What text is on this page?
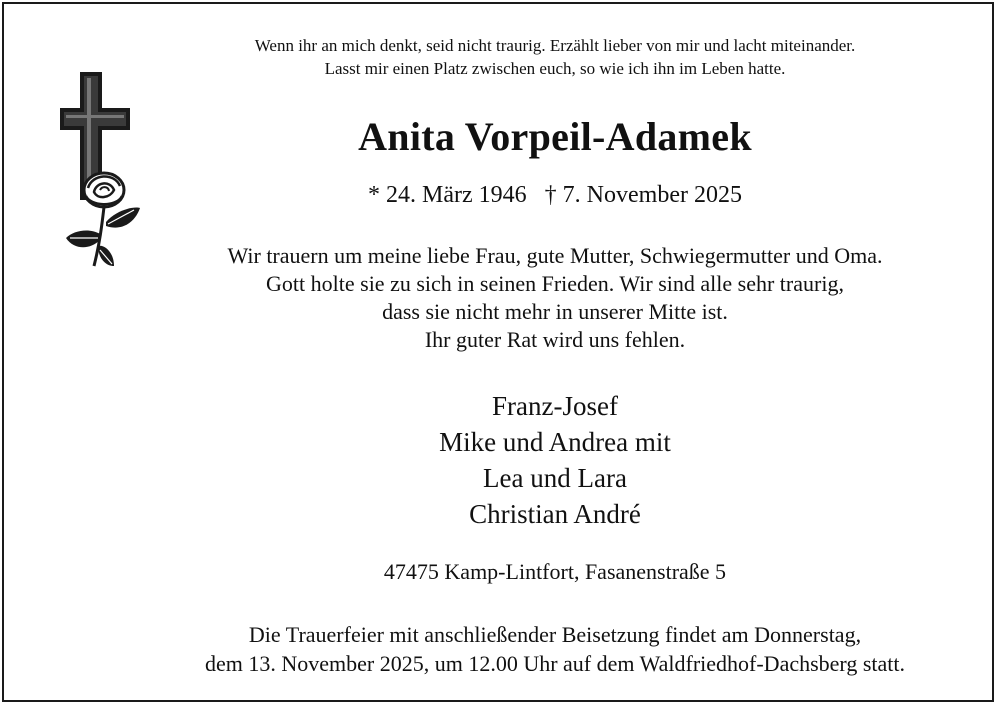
Wenn ihr an mich denkt, seid nicht traurig. Erzählt lieber von mir und lacht miteinander.
Lasst mir einen Platz zwischen euch, so wie ich ihn im Leben hatte.
Anita Vorpeil-Adamek
* 24. März 1946   † 7. November 2025
Wir trauern um meine liebe Frau, gute Mutter, Schwiegermutter und Oma.
Gott holte sie zu sich in seinen Frieden. Wir sind alle sehr traurig,
dass sie nicht mehr in unserer Mitte ist.
Ihr guter Rat wird uns fehlen.
Franz-Josef
Mike und Andrea mit
Lea und Lara
Christian André
47475 Kamp-Lintfort, Fasanenstraße 5
Die Trauerfeier mit anschließender Beisetzung findet am Donnerstag,
dem 13. November 2025, um 12.00 Uhr auf dem Waldfriedhof-Dachsberg statt.
